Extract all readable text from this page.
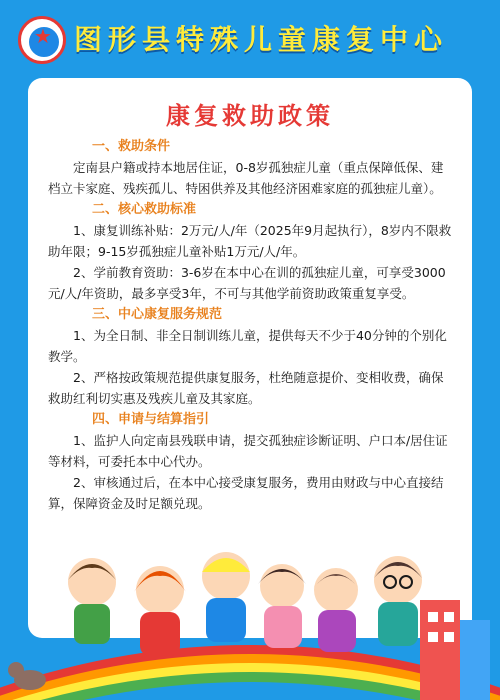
★ 图形县特殊儿童康复中心
康复救助政策
一、救助条件

定南县户籍或持本地居住证，0-8岁孤独症儿童（重点保障低保、建档立卡家庭、残疾孤儿、特困供养及其他经济困难家庭的孤独症儿童）。

二、核心救助标准

1、康复训练补贴：2万元/人/年（2025年9月起执行），8岁内不限救助年限；9-15岁孤独症儿童补贴1万元/人/年。

2、学前教育资助：3-6岁在本中心在训的孤独症儿童，可享受3000元/人/年资助，最多享受3年，不可与其他学前资助政策重复享受。

三、中心康复服务规范

1、为全日制、非全日制训练儿童，提供每天不少于40分钟的个别化教学。

2、严格按政策规范提供康复服务，杜绝随意提价、变相收费，确保救助红利切实惠及残疾儿童及其家庭。

四、申请与结算指引

1、监护人向定南县残联申请，提交孤独症诊断证明、户口本/居住证等材料，可委托本中心代办。

2、审核通过后，在本中心接受康复服务，费用由财政与中心直接结算，保障资金及时足额兑现。
